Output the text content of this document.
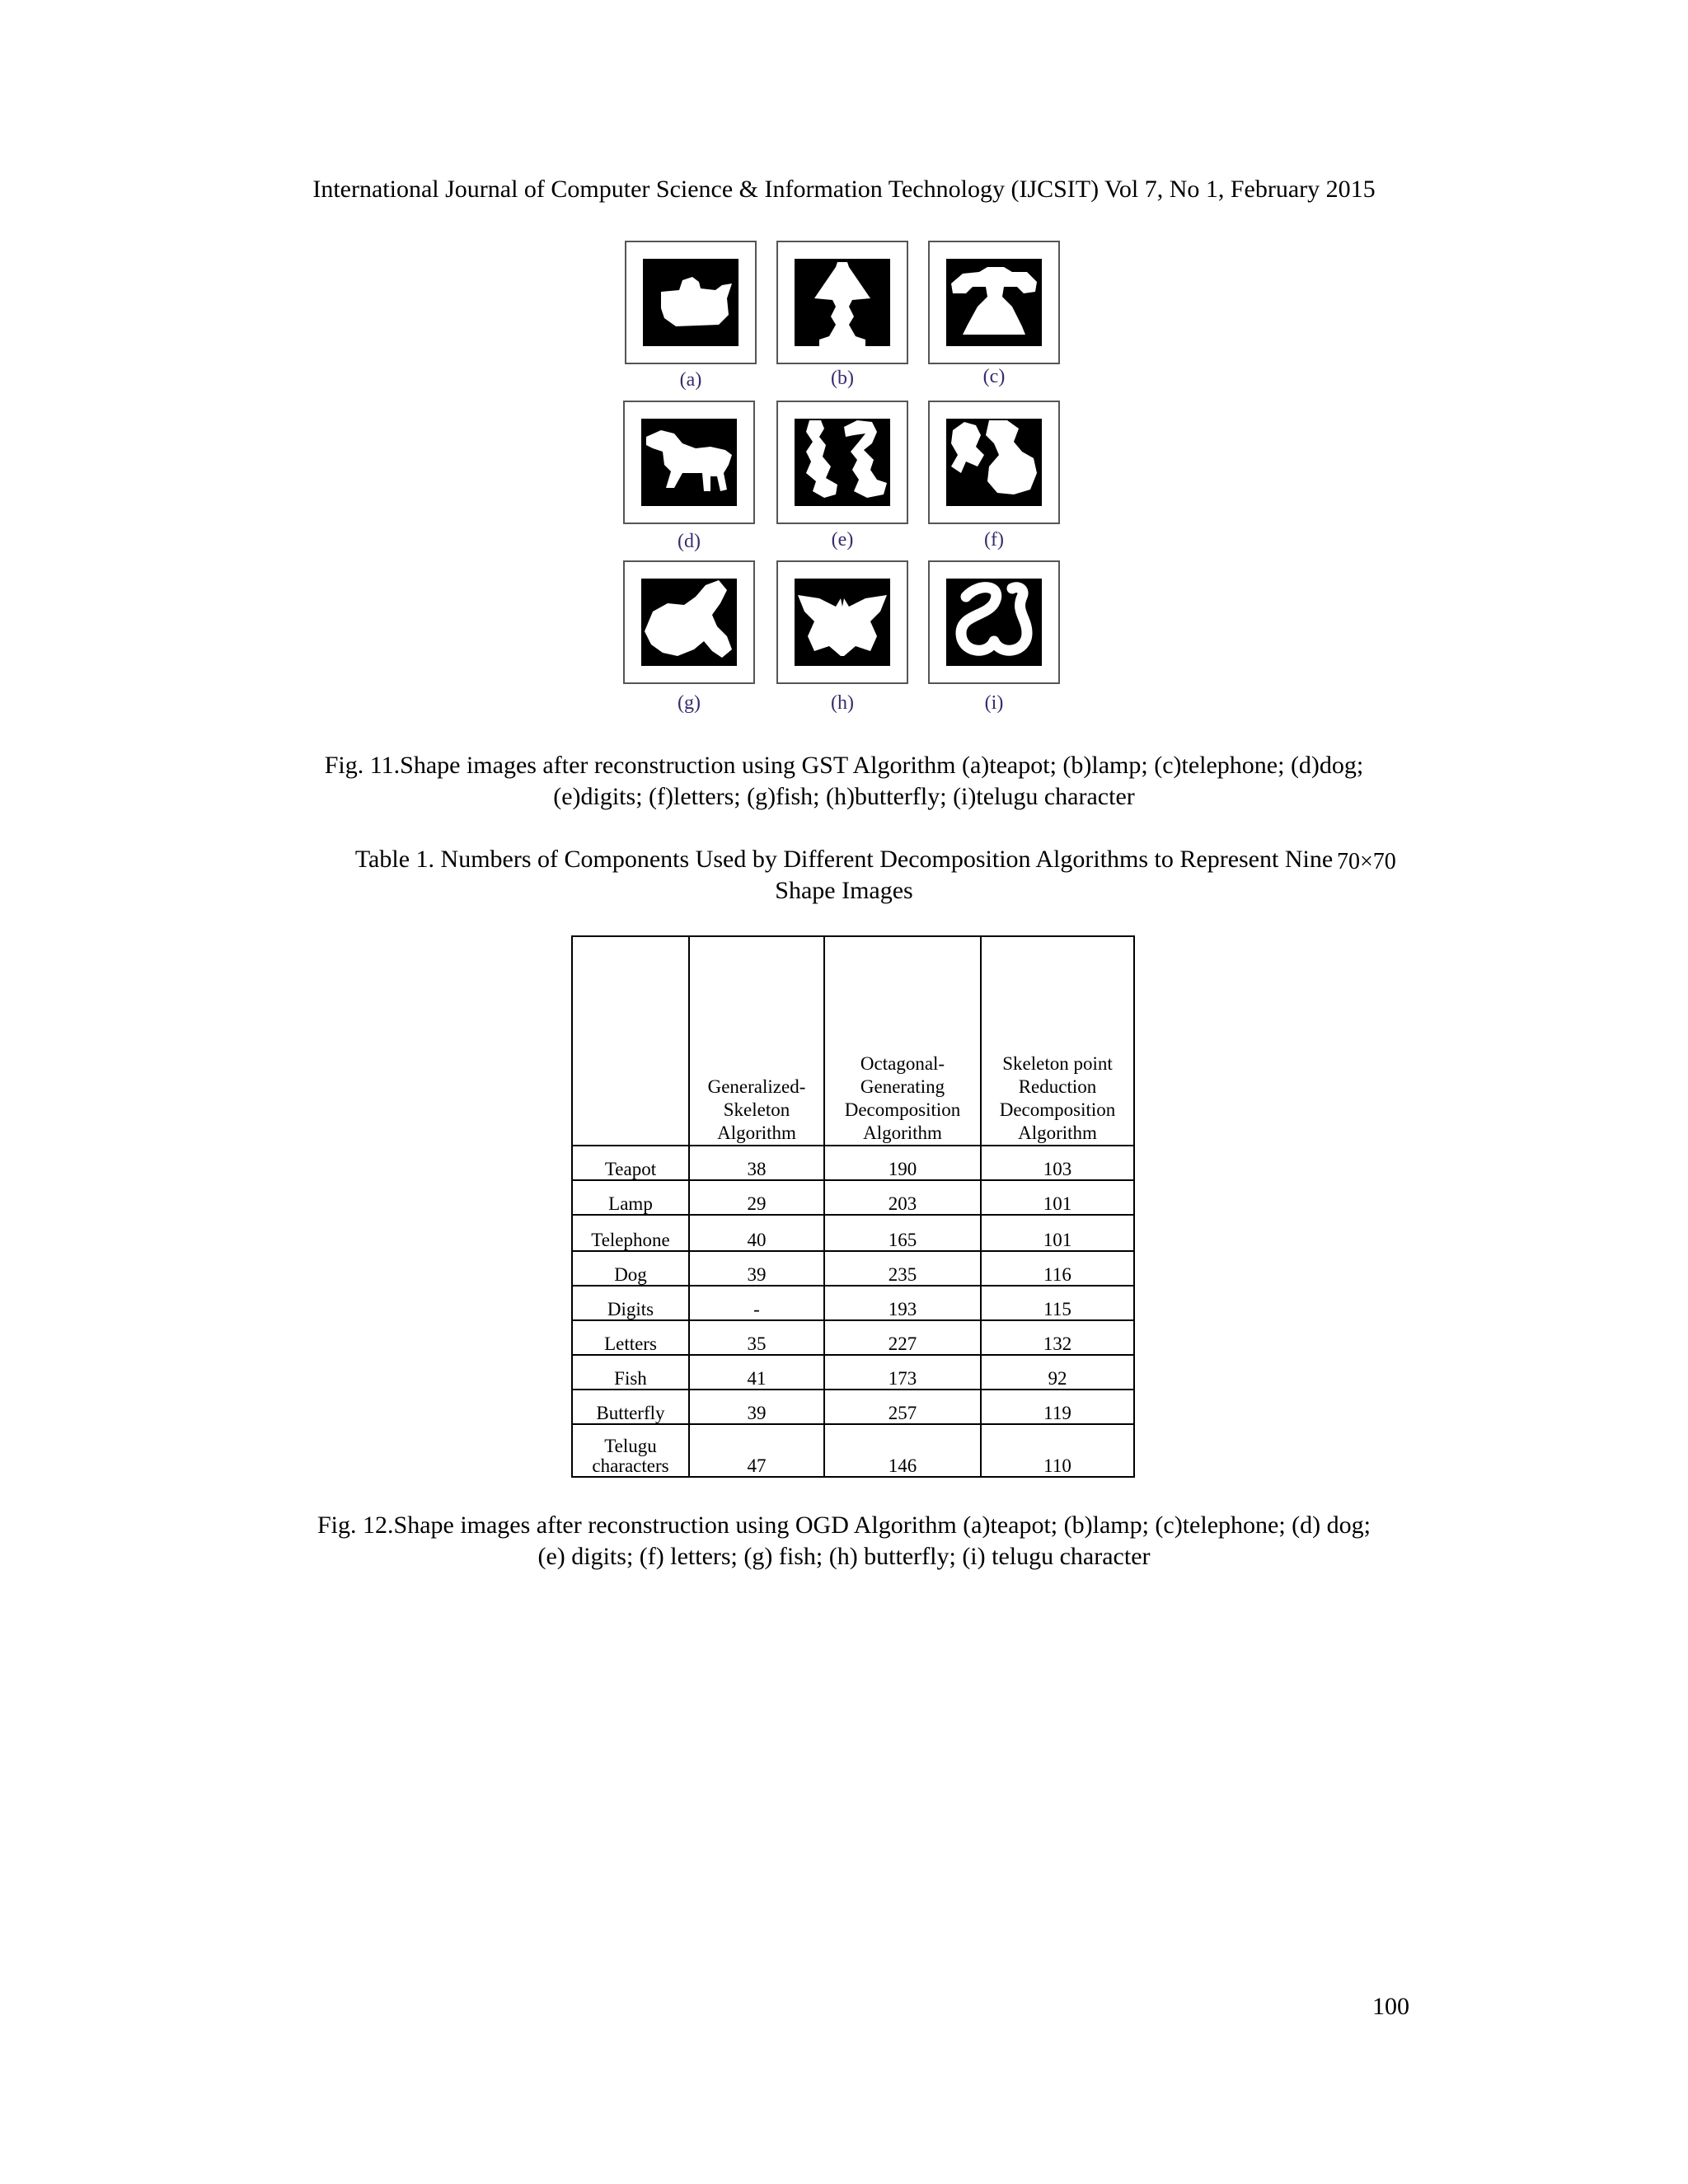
International Journal of Computer Science & Information Technology (IJCSIT) Vol 7, No 1, February 2015
(a)	(b)	(c)
(d)	(e)	(f)
(g)	(h)	(i)
Fig. 11.Shape images after reconstruction using GST Algorithm (a)teapot; (b)lamp; (c)telephone; (d)dog;
(e)digits; (f)letters; (g)fish; (h)butterfly; (i)telugu character
Table 1. Numbers of Components Used by Different Decomposition Algorithms to Represent Nine 70×70
Shape Images
	Generalized-
Skeleton
Algorithm	Octagonal-
Generating
Decomposition
Algorithm	Skeleton point
Reduction
Decomposition
Algorithm
Teapot	38	190	103
Lamp	29	203	101
Telephone	40	165	101
Dog	39	235	116
Digits	-	193	115
Letters	35	227	132
Fish	41	173	92
Butterfly	39	257	119
Telugu
characters	47	146	110
Fig. 12.Shape images after reconstruction using OGD Algorithm (a)teapot; (b)lamp; (c)telephone; (d) dog;
(e) digits; (f) letters; (g) fish; (h) butterfly; (i) telugu character
100
